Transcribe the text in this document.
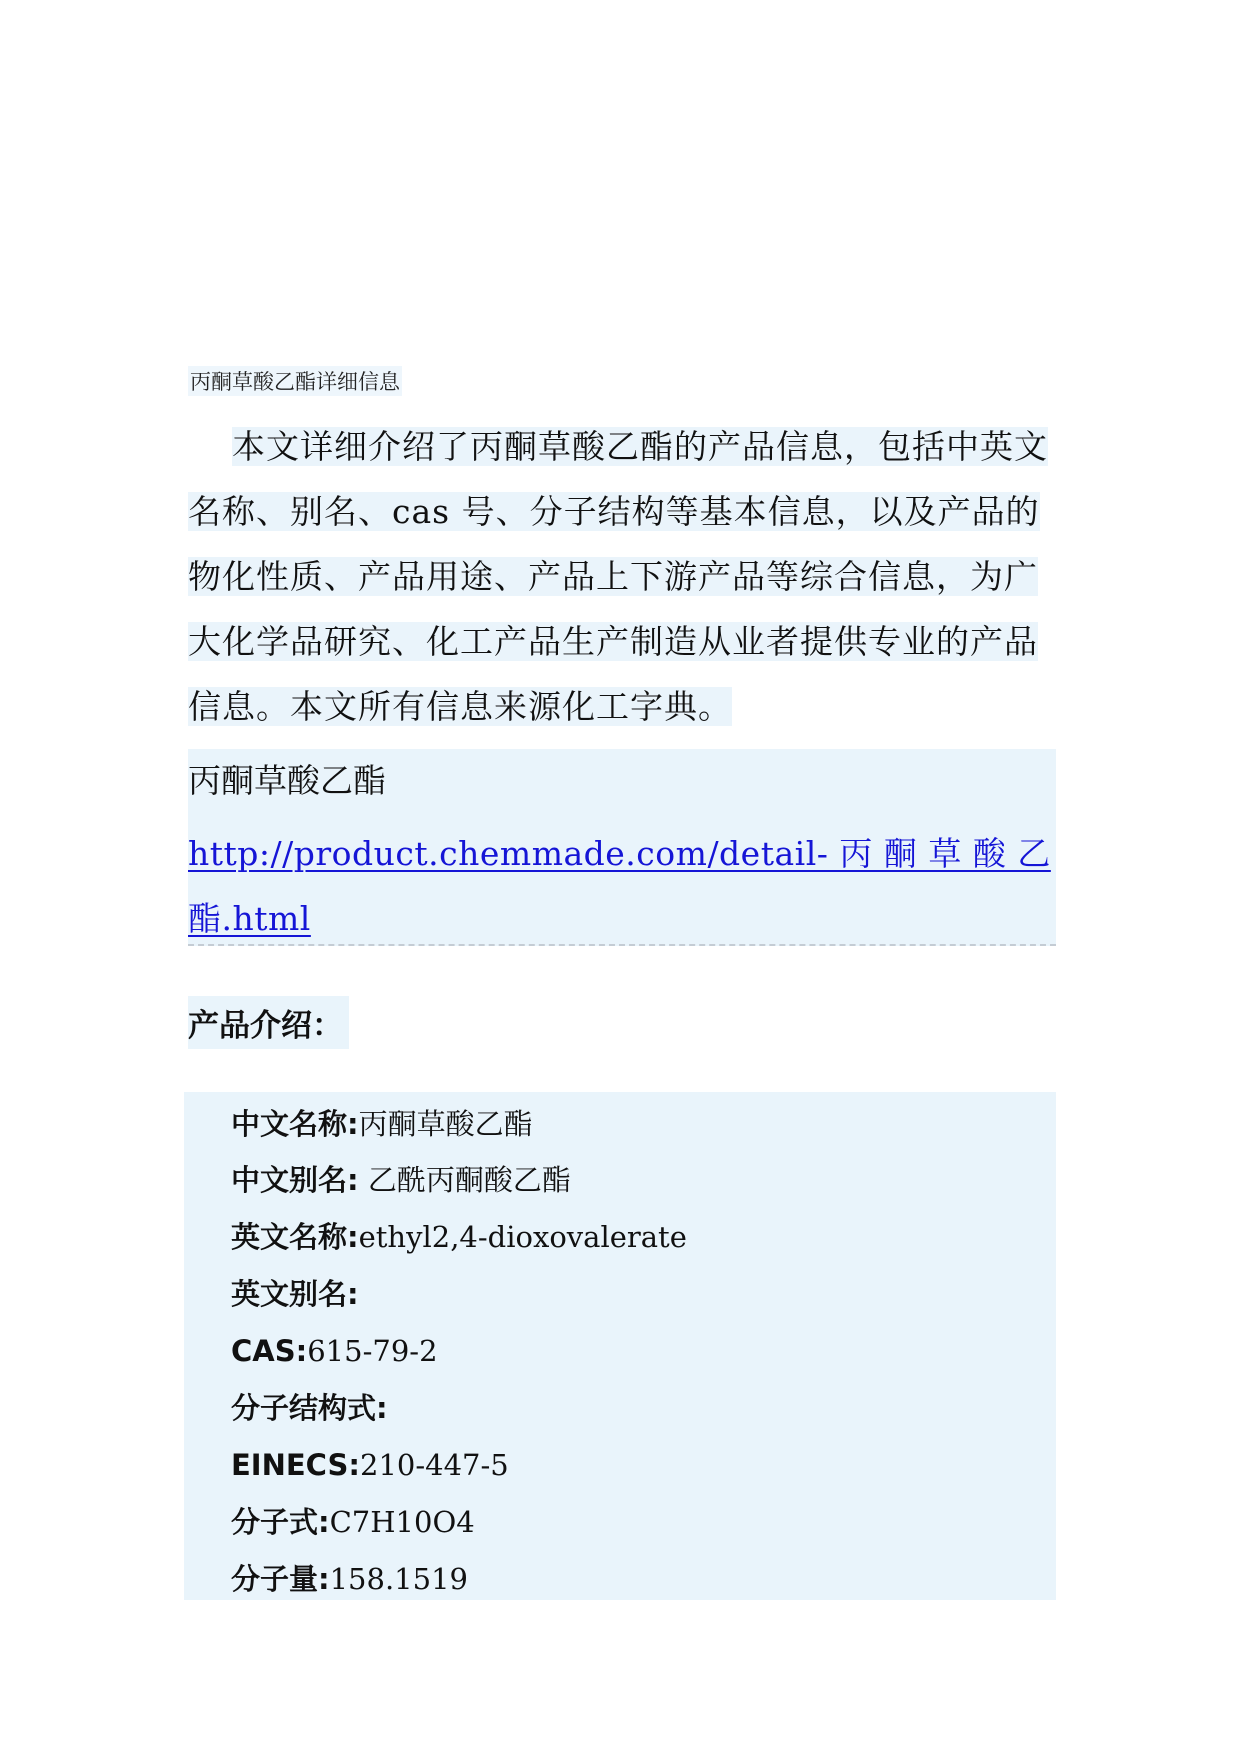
丙酮草酸乙酯详细信息
本文详细介绍了丙酮草酸乙酯的产品信息，包括中英文名称、别名、cas 号、分子结构等基本信息，以及产品的物化性质、产品用途、产品上下游产品等综合信息，为广大化学品研究、化工产品生产制造从业者提供专业的产品信息。本文所有信息来源化工字典。
丙酮草酸乙酯
http://product.chemmade.com/detail- 丙 酮 草 酸 乙 酯.html
产品介绍：
中文名称:丙酮草酸乙酯
中文别名: 乙酰丙酮酸乙酯
英文名称:ethyl2,4-dioxovalerate
英文别名:
CAS:615-79-2
分子结构式:
EINECS:210-447-5
分子式:C7H10O4
分子量:158.1519
